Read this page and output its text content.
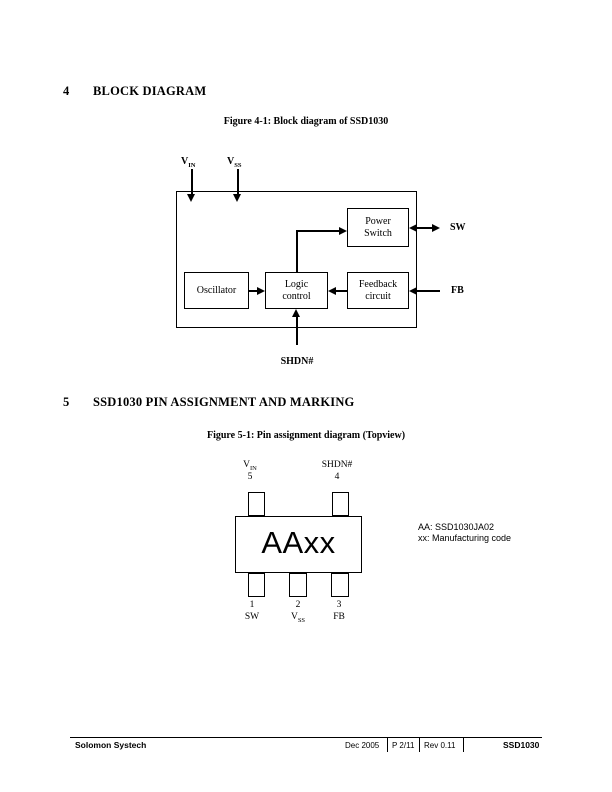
4 BLOCK DIAGRAM
Figure 4-1: Block diagram of SSD1030
$V_{IN}$	$V_{SS}$
Power
Switch
Oscillator
Logic
control
Feedback
circuit
SW
FB
SHDN#
5 SSD1030 PIN ASSIGNMENT AND MARKING
Figure 5-1: Pin assignment diagram (Topview)
$V_{IN}$
5
SHDN#
4
AAxx	AA: SSD1030JA02
xx: Manufacturing code
1
SW
2
$V_{SS}$
3
FB
Solomon Systech	Dec 2005 P 2/11 Rev 0.11	SSD1030
